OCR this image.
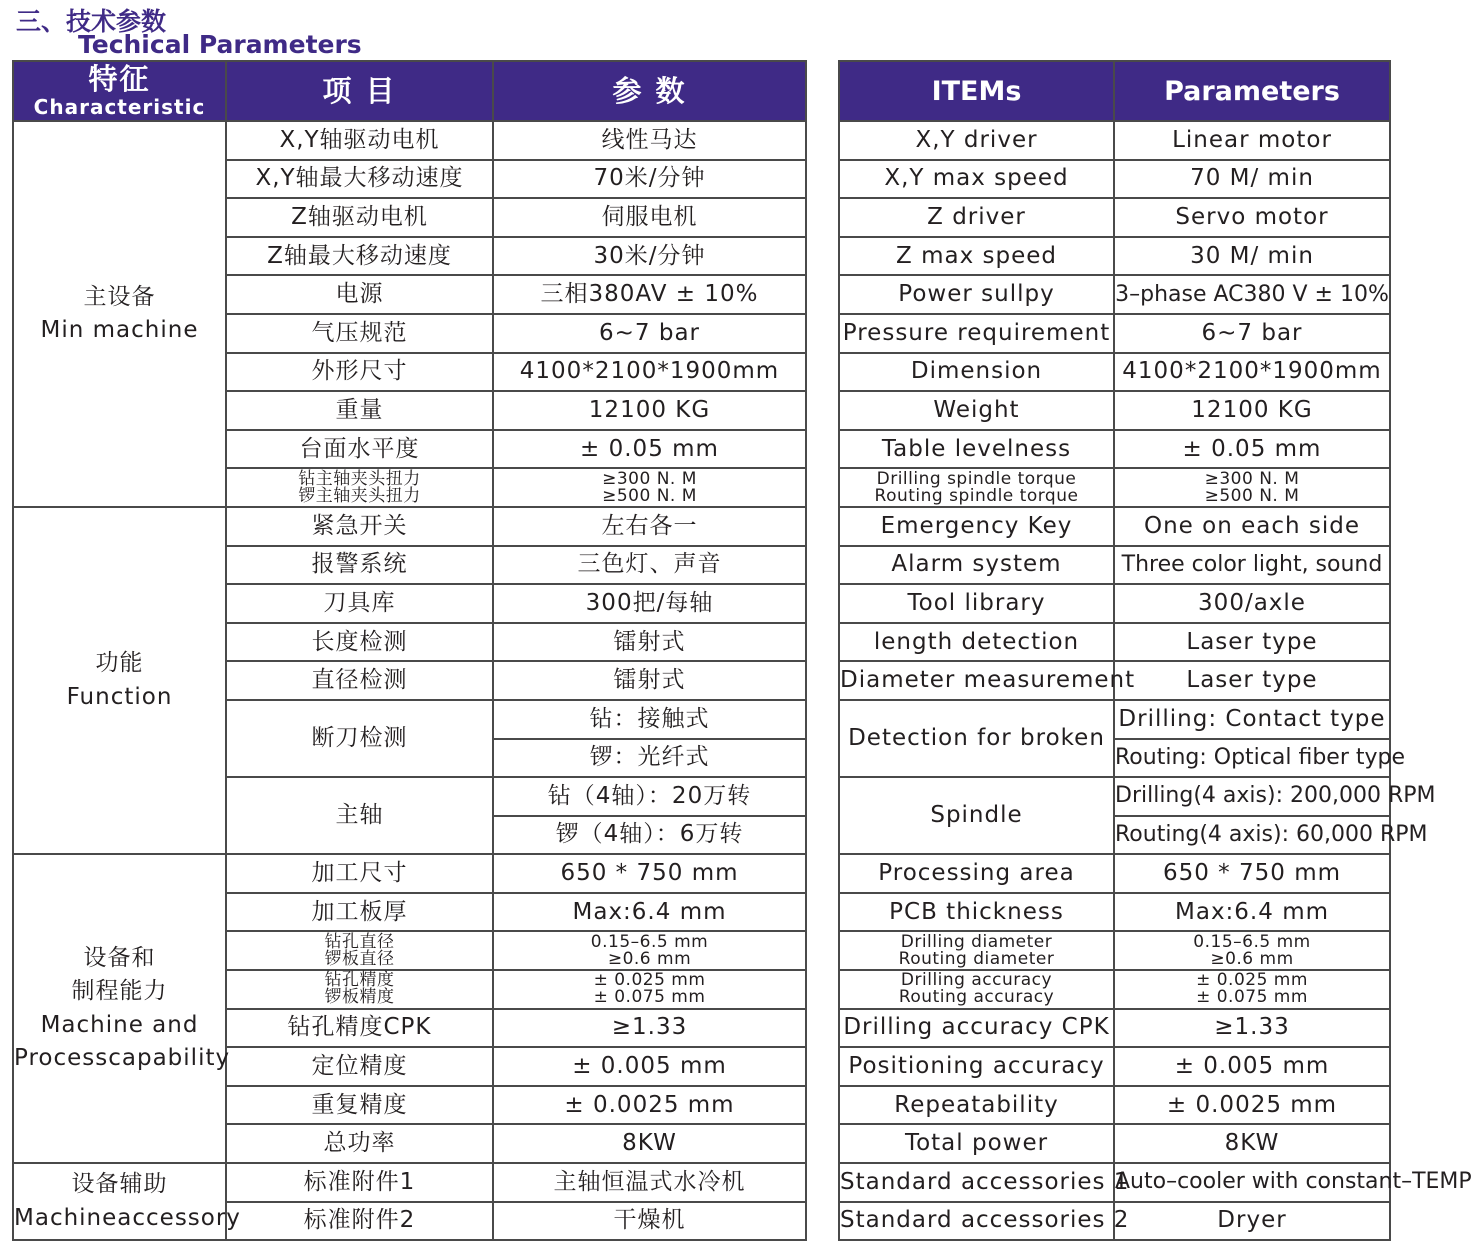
三、技术参数
Techical Parameters
特征
Characteristic	项 目	参 数

主设备
Min machine	X,Y轴驱动电机	线性马达
	X,Y轴最大移动速度	70米/分钟
	Z轴驱动电机	伺服电机
	Z轴最大移动速度	30米/分钟
	电源	三相380AV ± 10%
	气压规范	6~7 bar
	外形尺寸	4100*2100*1900mm
	重量	12100 KG
	台面水平度	± 0.05 mm

	钻主轴夹头扭力
锣主轴夹头扭力	≥300 N. M
≥500 N. M

功能
Function	紧急开关	左右各一
	报警系统	三色灯、声音
	刀具库	300把/每轴
	长度检测	镭射式
	直径检测	镭射式
	断刀检测	钻：接触式
		锣：光纤式
	主轴	钻（4轴）：20万转
		锣（4轴）：6万转

设备和
制程能力
Machine and
Processcapability	加工尺寸	650 * 750 mm
	加工板厚	Max:6.4 mm

	钻孔直径
锣板直径	0.15–6.5 mm
≥0.6 mm

	钻孔精度
锣板精度	± 0.025 mm
± 0.075 mm

	钻孔精度CPK	≥1.33
	定位精度	± 0.005 mm
	重复精度	± 0.0025 mm
	总功率	8KW

设备辅助
Machineaccessory	标准附件1	主轴恒温式水冷机
	标准附件2	干燥机
ITEMs	Parameters
X,Y driver	Linear motor
X,Y max speed	70 M/ min
Z driver	Servo motor
Z max speed	30 M/ min
Power sullpy	3–phase AC380 V ± 10%
Pressure requirement	6~7 bar
Dimension	4100*2100*1900mm
Weight	12100 KG
Table levelness	± 0.05 mm

Drilling spindle torque
Routing spindle torque	≥300 N. M
≥500 N. M

Emergency Key	One on each side
Alarm system	Three color light, sound
Tool library	300/axle
length detection	Laser type
Diameter measurement	Laser type
Detection for broken	Drilling: Contact type
	Routing: Optical fiber type
Spindle	Drilling(4 axis): 200,000 RPM
	Routing(4 axis): 60,000 RPM
Processing area	650 * 750 mm
PCB thickness	Max:6.4 mm

Drilling diameter
Routing diameter	0.15–6.5 mm
≥0.6 mm

Drilling accuracy
Routing accuracy	± 0.025 mm
± 0.075 mm

Drilling accuracy CPK	≥1.33
Positioning accuracy	± 0.005 mm
Repeatability	± 0.0025 mm
Total power	8KW
Standard accessories 1	Auto–cooler with constant–TEMP
Standard accessories 2	Dryer
